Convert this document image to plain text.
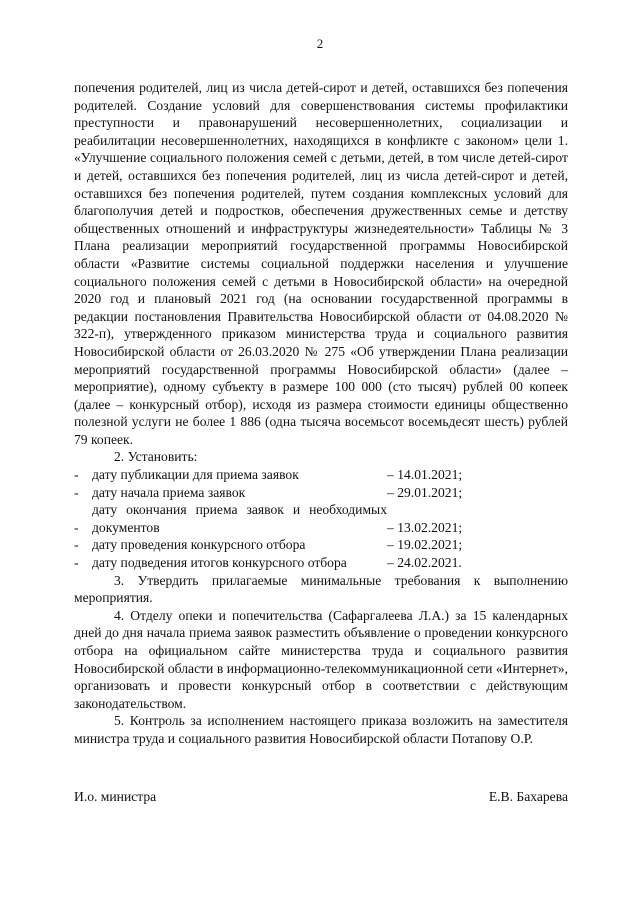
2

попечения родителей, лиц из числа детей-сирот и детей, оставшихся без попечения родителей. Создание условий для совершенствования системы профилактики преступности и правонарушений несовершеннолетних, социализации и реабилитации несовершеннолетних, находящихся в конфликте с законом» цели 1. «Улучшение социального положения семей с детьми, детей, в том числе детей-сирот и детей, оставшихся без попечения родителей, лиц из числа детей-сирот и детей, оставшихся без попечения родителей, путем создания комплексных условий для благополучия детей и подростков, обеспечения дружественных семье и детству общественных отношений и инфраструктуры жизнедеятельности» Таблицы № 3 Плана реализации мероприятий государственной программы Новосибирской области «Развитие системы социальной поддержки населения и улучшение социального положения семей с детьми в Новосибирской области» на очередной 2020 год и плановый 2021 год (на основании государственной программы в редакции постановления Правительства Новосибирской области от 04.08.2020 № 322-п), утвержденного приказом министерства труда и социального развития Новосибирской области от 26.03.2020 № 275 «Об утверждении Плана реализации мероприятий государственной программы Новосибирской области» (далее – мероприятие), одному субъекту в размере 100 000 (сто тысяч) рублей 00 копеек (далее – конкурсный отбор), исходя из размера стоимости единицы общественно полезной услуги не более 1 886 (одна тысяча восемьсот восемьдесят шесть) рублей 79 копеек.

2. Установить:

- дату публикации для приема заявок	– 14.01.2021;
- дату начала приема заявок	– 29.01.2021;
-
дату окончания приема заявок и необходимых документов	– 13.02.2021;
- дату проведения конкурсного отбора	– 19.02.2021;
- дату подведения итогов конкурсного отбора	– 24.02.2021.

3. Утвердить прилагаемые минимальные требования к выполнению мероприятия.

4. Отделу опеки и попечительства (Сафаргалеева Л.А.) за 15 календарных дней до дня начала приема заявок разместить объявление о проведении конкурсного отбора на официальном сайте министерства труда и социального развития Новосибирской области в информационно-телекоммуникационной сети «Интернет», организовать и провести конкурсный отбор в соответствии с действующим законодательством.

5. Контроль за исполнением настоящего приказа возложить на заместителя министра труда и социального развития Новосибирской области Потапову О.Р.

И.о. министра	Е.В. Бахарева
